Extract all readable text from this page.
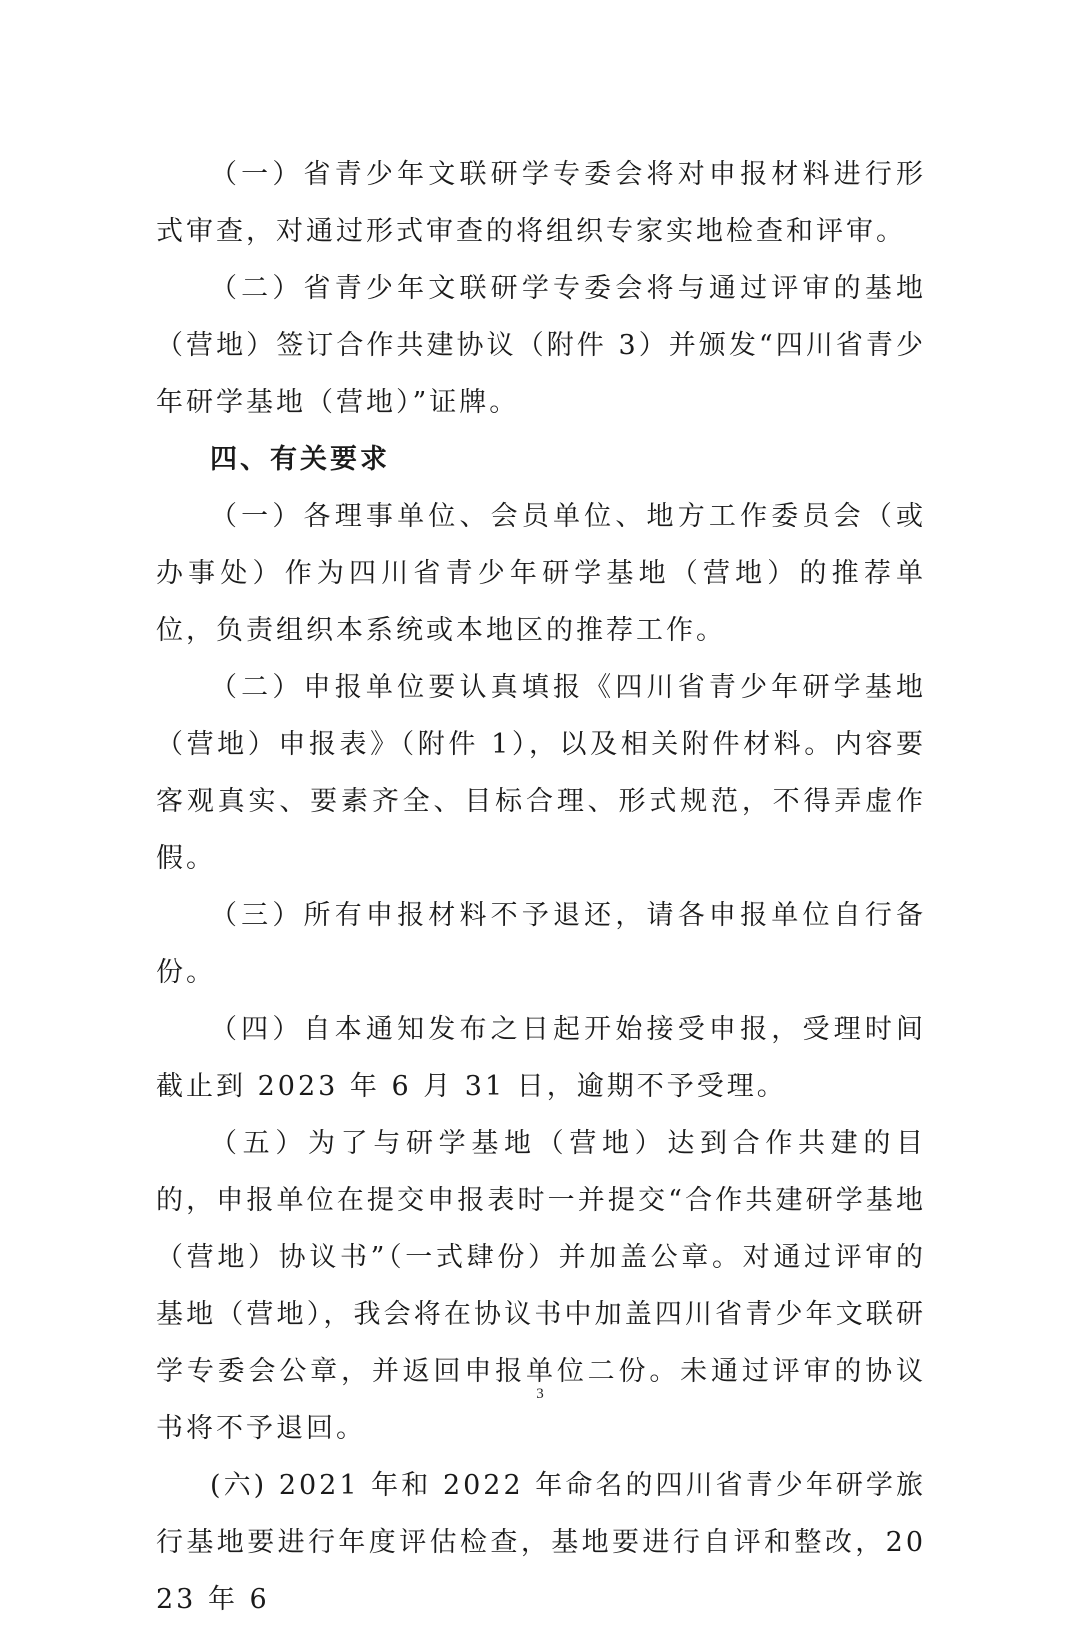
（一）省青少年文联研学专委会将对申报材料进行形式审查，对通过形式审查的将组织专家实地检查和评审。

（二）省青少年文联研学专委会将与通过评审的基地（营地）签订合作共建协议（附件 3）并颁发“四川省青少年研学基地（营地）”证牌。

四、有关要求

（一）各理事单位、会员单位、地方工作委员会（或办事处）作为四川省青少年研学基地（营地）的推荐单位，负责组织本系统或本地区的推荐工作。

（二）申报单位要认真填报《四川省青少年研学基地（营地）申报表》（附件 1），以及相关附件材料。内容要客观真实、要素齐全、目标合理、形式规范，不得弄虚作假。

（三）所有申报材料不予退还，请各申报单位自行备份。

（四）自本通知发布之日起开始接受申报，受理时间截止到 2023 年 6 月 31 日，逾期不予受理。

（五）为了与研学基地（营地）达到合作共建的目的，申报单位在提交申报表时一并提交“合作共建研学基地（营地）协议书”（一式肆份）并加盖公章。对通过评审的基地（营地），我会将在协议书中加盖四川省青少年文联研学专委会公章，并返回申报单位二份。未通过评审的协议书将不予退回。

(六) 2021 年和 2022 年命名的四川省青少年研学旅行基地要进行年度评估检查，基地要进行自评和整改，2023 年 6

3
